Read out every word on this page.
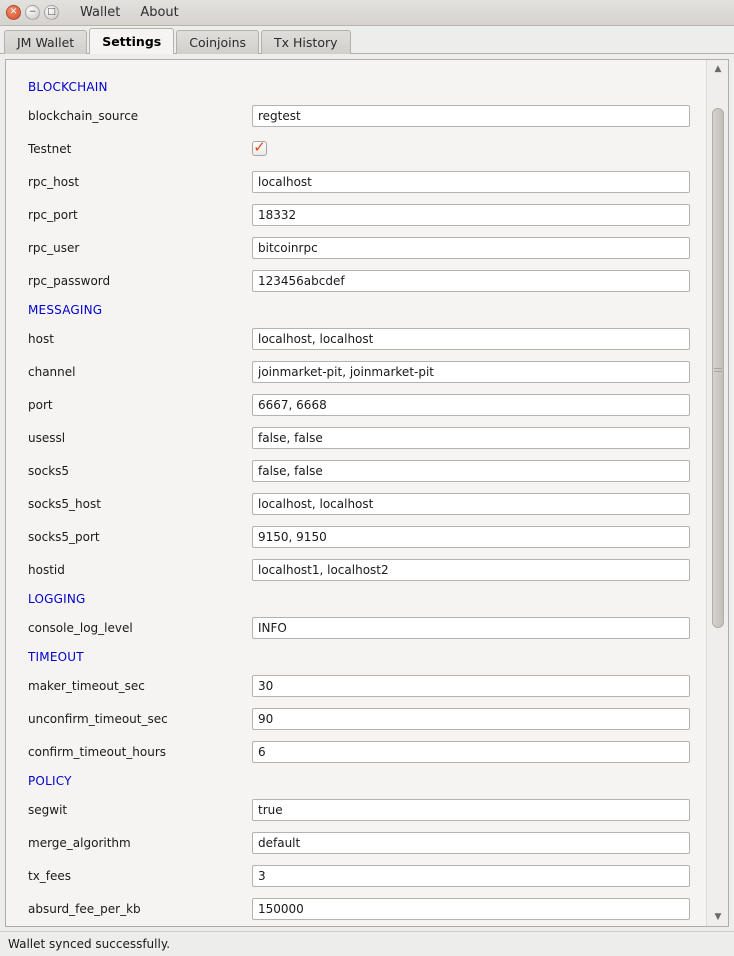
✕	−	□ Wallet About
JM Wallet	Settings	Coinjoins	Tx History
BLOCKCHAIN
blockchain_source
regtest
Testnet	✓
rpc_host
localhost
rpc_port
18332
rpc_user
bitcoinrpc
rpc_password
123456abcdef
MESSAGING
host
localhost, localhost
channel
joinmarket-pit, joinmarket-pit
port
6667, 6668
usessl
false, false
socks5
false, false
socks5_host
localhost, localhost
socks5_port
9150, 9150
hostid
localhost1, localhost2
LOGGING
console_log_level
INFO
TIMEOUT
maker_timeout_sec
30
unconfirm_timeout_sec
90
confirm_timeout_hours
6
POLICY
segwit
true
merge_algorithm
default
tx_fees
3
absurd_fee_per_kb
150000
▲
▼
Wallet synced successfully.
